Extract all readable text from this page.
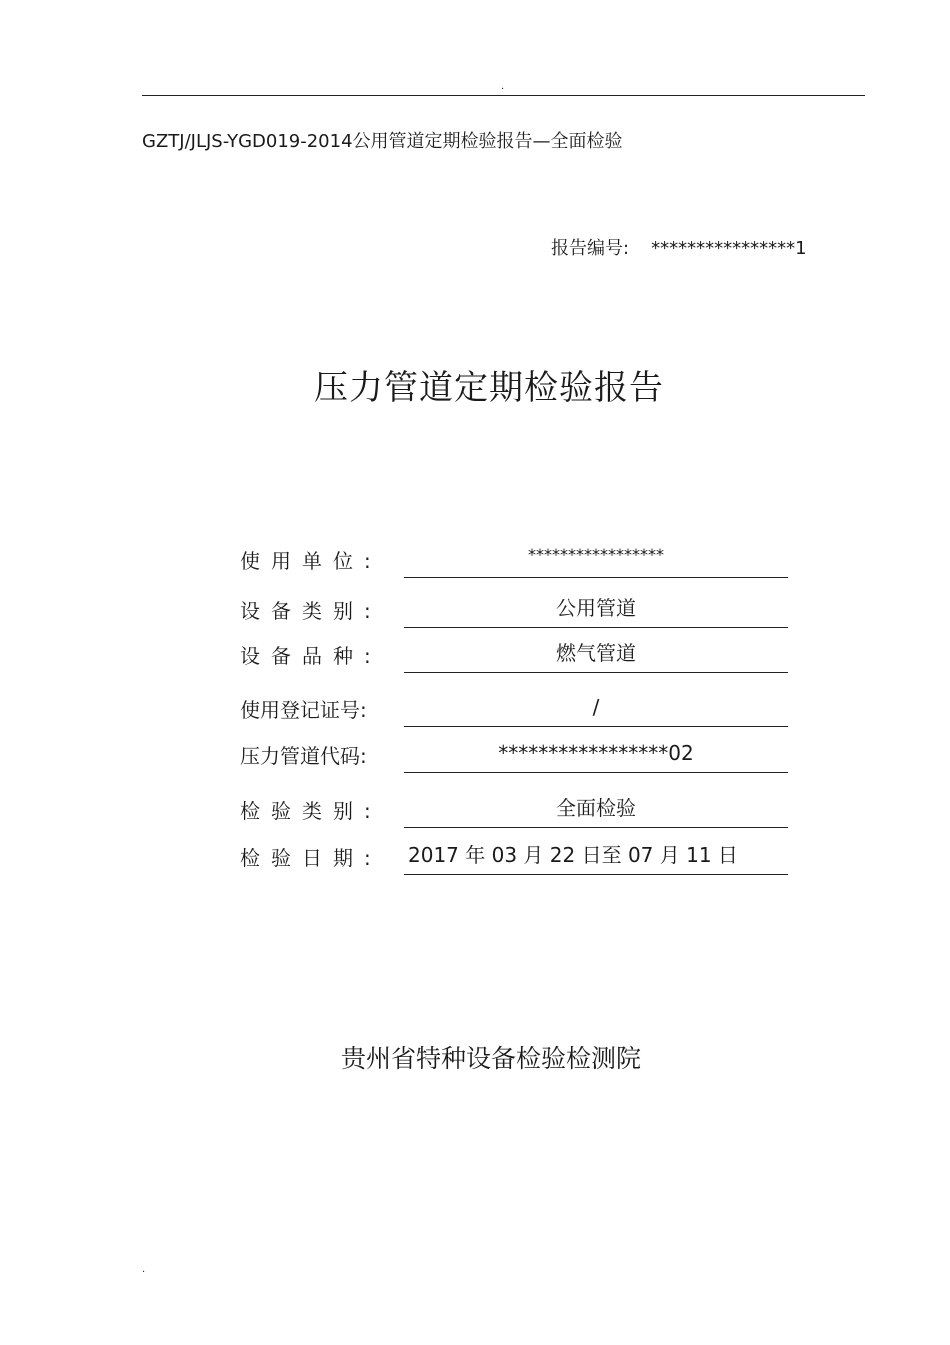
.
GZTJ/JLJS-YGD019-2014公用管道定期检验报告—全面检验
报告编号: ****************1
压力管道定期检验报告
使用单位:	*****************
设备类别:	公用管道
设备品种:	燃气管道
使用登记证号:	/
压力管道代码:	*****************02
检验类别:	全面检验
检验日期:	2017 年 03 月 22 日至 07 月 11 日
贵州省特种设备检验检测院
.
